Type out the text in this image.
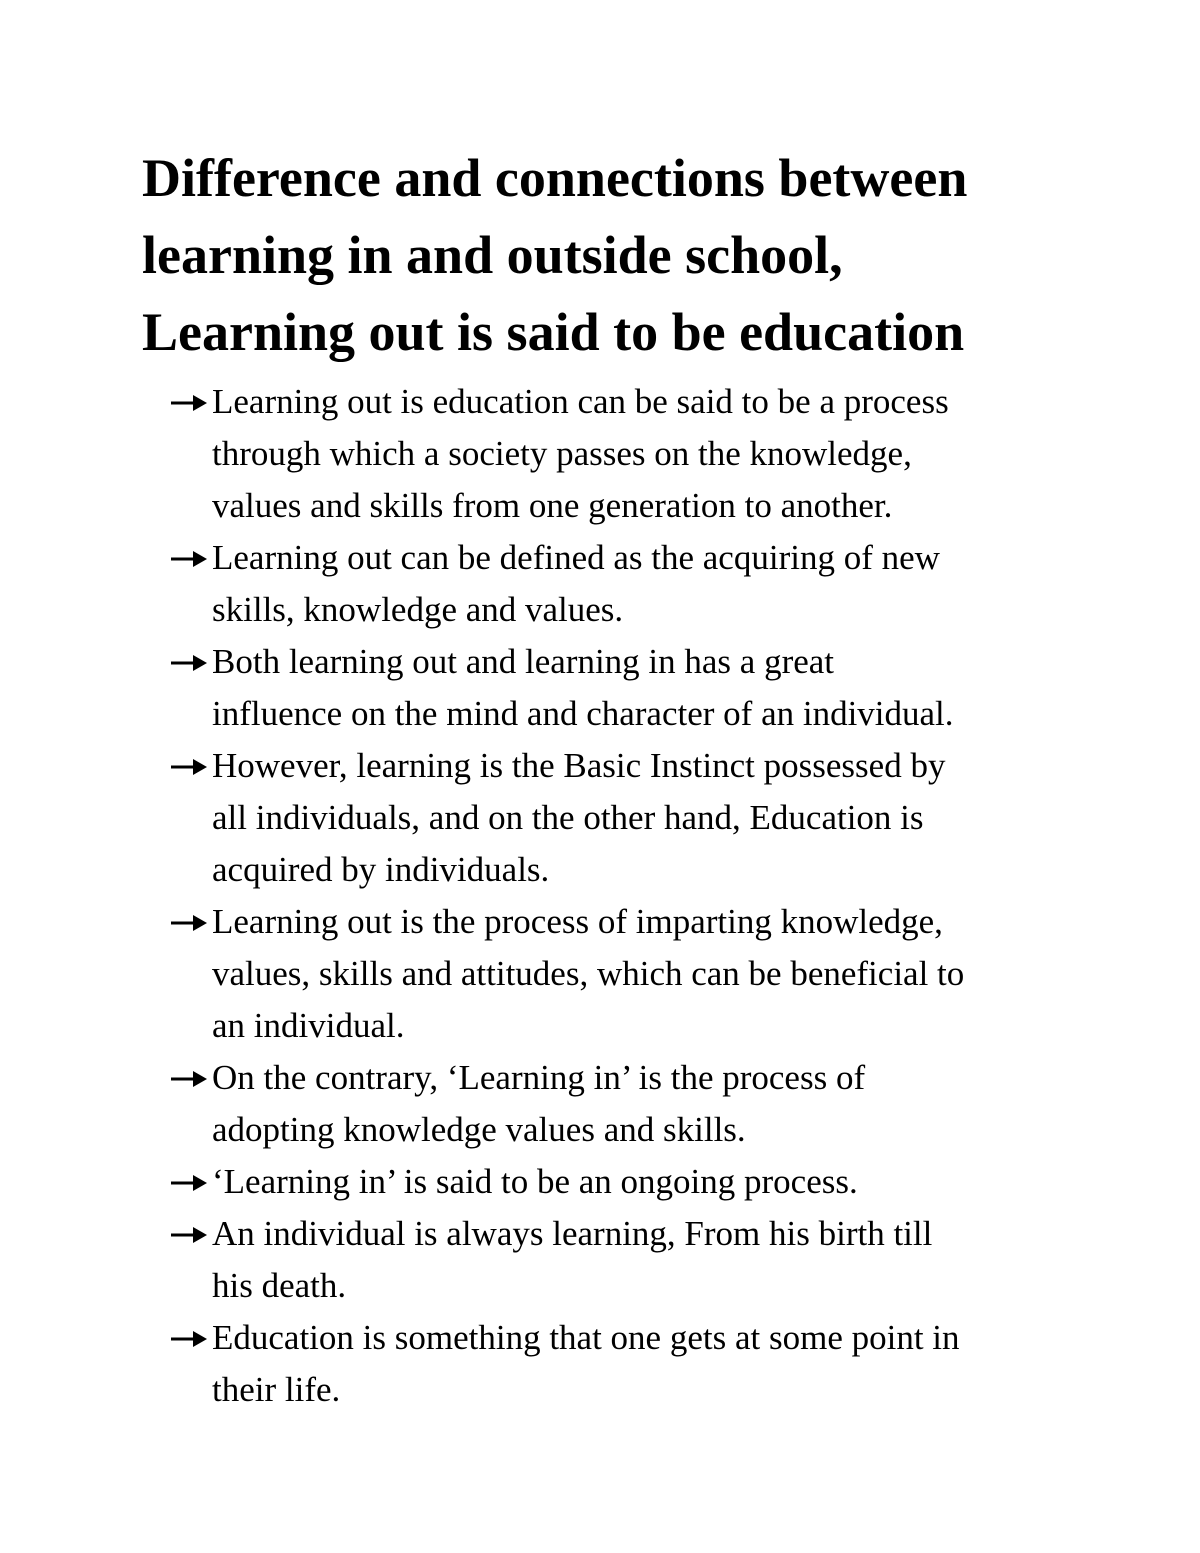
Difference and connections between
learning in and outside school,
Learning out is said to be education
Learning out is education can be said to be a process
through which a society passes on the knowledge,
values and skills from one generation to another.
Learning out can be defined as the acquiring of new
skills, knowledge and values.
Both learning out and learning in has a great
influence on the mind and character of an individual.
However, learning is the Basic Instinct possessed by
all individuals, and on the other hand, Education is
acquired by individuals.
Learning out is the process of imparting knowledge,
values, skills and attitudes, which can be beneficial to
an individual.
On the contrary, ‘Learning in’ is the process of
adopting knowledge values and skills.
‘Learning in’ is said to be an ongoing process.
An individual is always learning, From his birth till
his death.
Education is something that one gets at some point in
their life.
